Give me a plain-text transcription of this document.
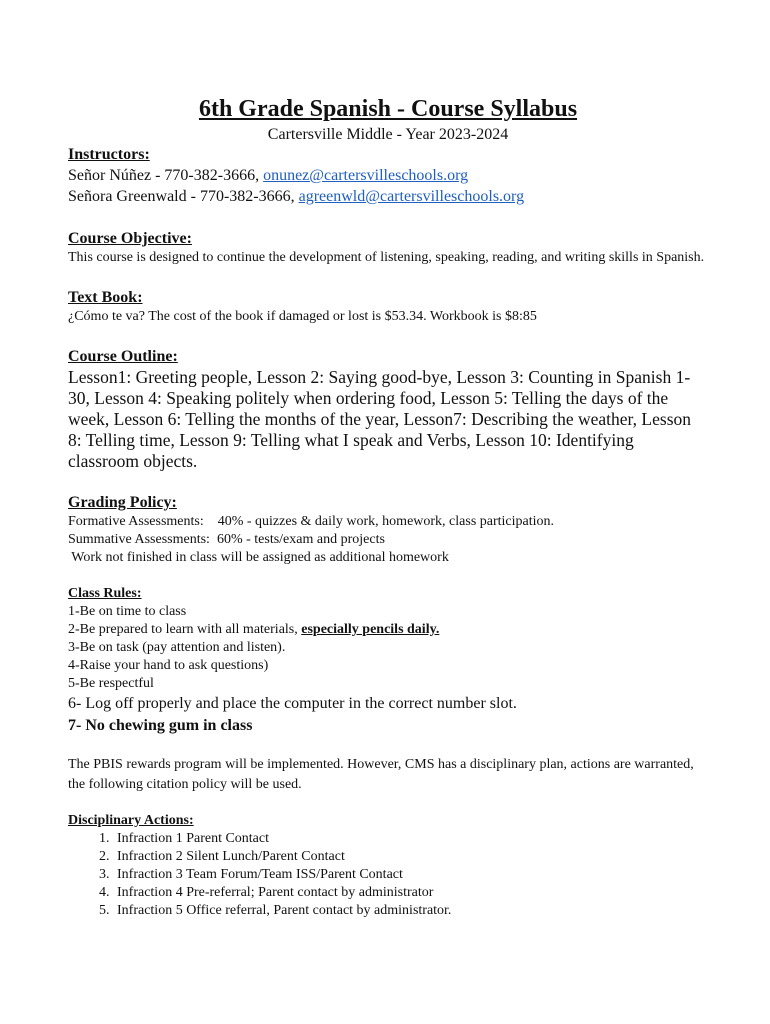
6th Grade Spanish - Course Syllabus

Cartersville Middle - Year 2023-2024

Instructors:

Señor Núñez - 770-382-3666, onunez@cartersvilleschools.org

Señora Greenwald - 770-382-3666, agreenwld@cartersvilleschools.org

Course Objective:

This course is designed to continue the development of listening, speaking, reading, and writing skills in Spanish.

Text Book:

¿Cómo te va? The cost of the book if damaged or lost is $53.34. Workbook is $8:85

Course Outline:

Lesson1: Greeting people, Lesson 2: Saying good-bye, Lesson 3: Counting in Spanish 1-30, Lesson 4: Speaking politely when ordering food, Lesson 5: Telling the days of the week, Lesson 6: Telling the months of the year, Lesson7: Describing the weather, Lesson 8: Telling time, Lesson 9: Telling what I speak and Verbs, Lesson 10: Identifying classroom objects.

Grading Policy:

Formative Assessments:    40% - quizzes & daily work, homework, class participation.

Summative Assessments:  60% - tests/exam and projects

Work not finished in class will be assigned as additional homework

Class Rules:

1-Be on time to class

2-Be prepared to learn with all materials, especially pencils daily.

3-Be on task (pay attention and listen).

4-Raise your hand to ask questions)

5-Be respectful

6- Log off properly and place the computer in the correct number slot.

7- No chewing gum in class

The PBIS rewards program will be implemented. However, CMS has a disciplinary plan, actions are warranted, the following citation policy will be used.

Disciplinary Actions:

1. Infraction 1 Parent Contact
2. Infraction 2 Silent Lunch/Parent Contact
3. Infraction 3 Team Forum/Team ISS/Parent Contact
4. Infraction 4 Pre-referral; Parent contact by administrator
5. Infraction 5 Office referral, Parent contact by administrator.
